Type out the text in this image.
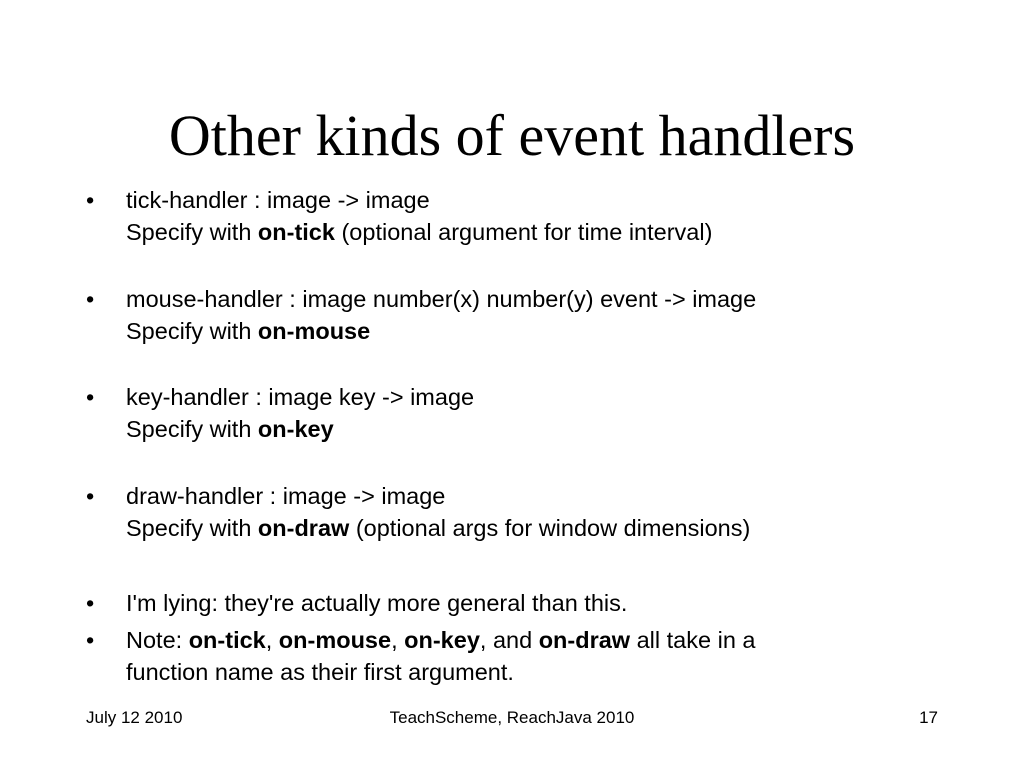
Other kinds of event handlers
•	tick-handler : image -> image
Specify with on-tick (optional argument for time interval)
•	mouse-handler : image number(x) number(y) event -> image
Specify with on-mouse
•	key-handler : image key -> image
Specify with on-key
•	draw-handler : image -> image
Specify with on-draw (optional args for window dimensions)
•	I'm lying: they're actually more general than this.
•	Note: on-tick, on-mouse, on-key, and on-draw all take in a
function name as their first argument.
July 12 2010	TeachScheme, ReachJava 2010	17
